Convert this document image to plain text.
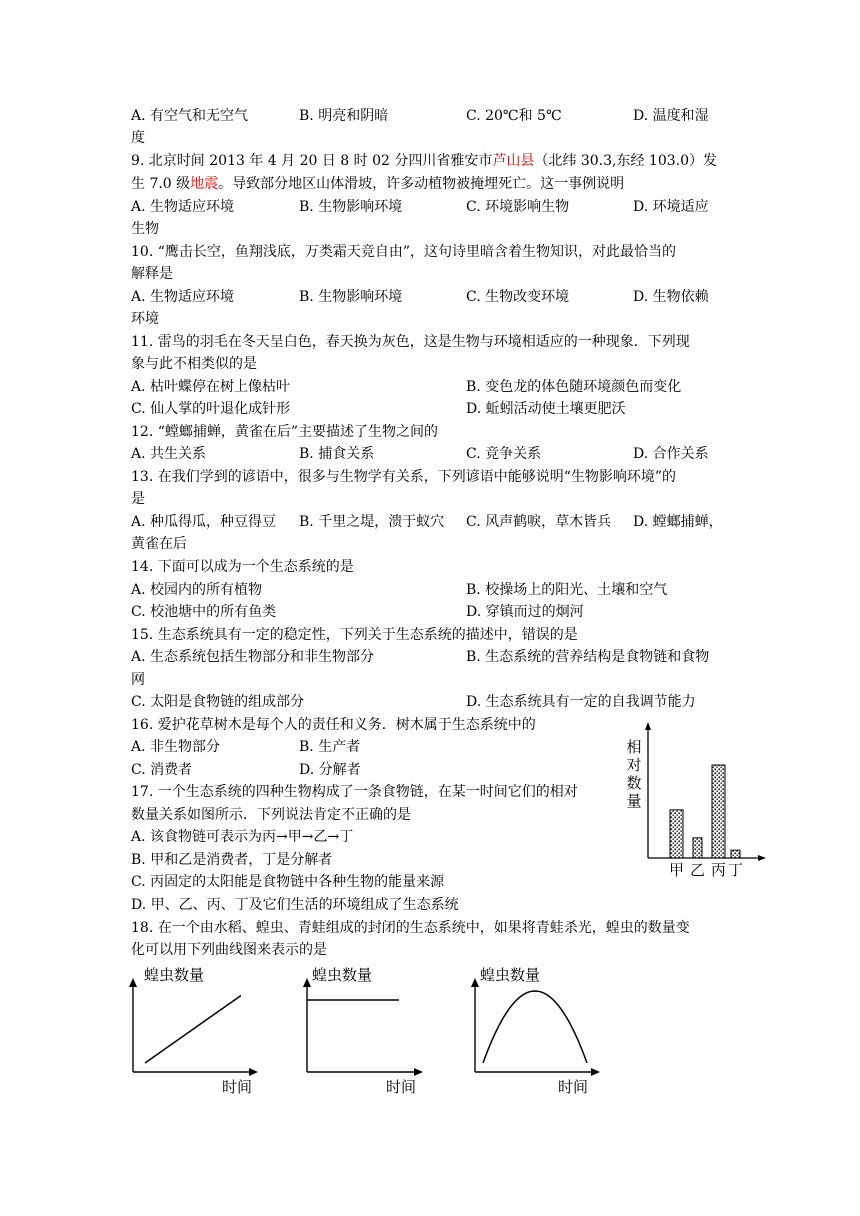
A. 有空气和无空气	B. 明亮和阴暗	C. 20℃和 5℃	D. 温度和湿
度
9. 北京时间 2013 年 4 月 20 日 8 时 02 分四川省雅安市芦山县（北纬 30.3,东经 103.0）发
生 7.0 级地震。导致部分地区山体滑坡，许多动植物被掩埋死亡。这一事例说明
A. 生物适应环境	B. 生物影响环境	C. 环境影响生物	D. 环境适应
生物
10. “鹰击长空，鱼翔浅底，万类霜天竞自由”，这句诗里暗含着生物知识，对此最恰当的
解释是
A. 生物适应环境	B. 生物影响环境	C. 生物改变环境	D. 生物依赖
环境
11. 雷鸟的羽毛在冬天呈白色，春天换为灰色，这是生物与环境相适应的一种现象．下列现
象与此不相类似的是
A. 枯叶蝶停在树上像枯叶	B. 变色龙的体色随环境颜色而变化
C. 仙人掌的叶退化成针形	D. 蚯蚓活动使土壤更肥沃
12. “螳螂捕蝉，黄雀在后”主要描述了生物之间的
A. 共生关系	B. 捕食关系	C. 竞争关系	D. 合作关系
13. 在我们学到的谚语中，很多与生物学有关系，下列谚语中能够说明“生物影响环境”的
是
A. 种瓜得瓜，种豆得豆 B. 千里之堤，溃于蚁穴 C. 风声鹤唳，草木皆兵 D. 螳螂捕蝉，
黄雀在后
14. 下面可以成为一个生态系统的是
A. 校园内的所有植物	B. 校操场上的阳光、土壤和空气
C. 校池塘中的所有鱼类	D. 穿镇而过的炯河
15. 生态系统具有一定的稳定性，下列关于生态系统的描述中，错误的是
A. 生态系统包括生物部分和非生物部分	B. 生态系统的营养结构是食物链和食物
网
C. 太阳是食物链的组成部分	D. 生态系统具有一定的自我调节能力
16. 爱护花草树木是每个人的责任和义务．树木属于生态系统中的
A. 非生物部分	B. 生产者
C. 消费者	D. 分解者
17. 一个生态系统的四种生物构成了一条食物链，在某一时间它们的相对
数量关系如图所示．下列说法肯定不正确的是
A. 该食物链可表示为丙→甲→乙→丁
B. 甲和乙是消费者，丁是分解者
C. 丙固定的太阳能是食物链中各种生物的能量来源
D. 甲、乙、丙、丁及它们生活的环境组成了生态系统
18. 在一个由水稻、蝗虫、青蛙组成的封闭的生态系统中，如果将青蛙杀光，蝗虫的数量变
化可以用下列曲线图来表示的是
相对数量
甲 乙 丙 丁
蝗虫数量
时间
蝗虫数量
时间
蝗虫数量
时间
